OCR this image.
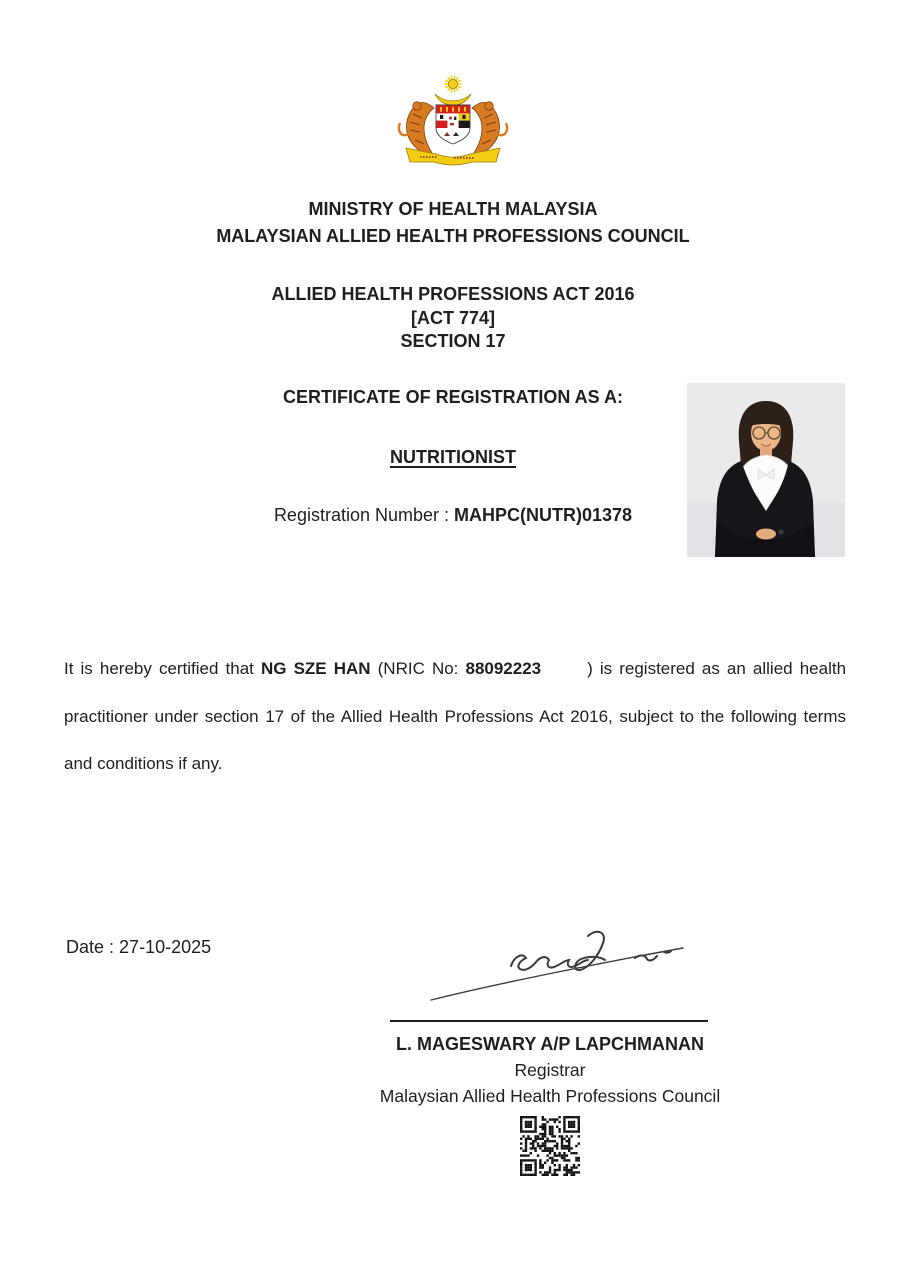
MINISTRY OF HEALTH MALAYSIA
MALAYSIAN ALLIED HEALTH PROFESSIONS COUNCIL
ALLIED HEALTH PROFESSIONS ACT 2016
[ACT 774]
SECTION 17
CERTIFICATE OF REGISTRATION AS A:
NUTRITIONIST
Registration Number : MAHPC(NUTR)01378

It is hereby certified that NG SZE HAN (NRIC No: 88092223	) is registered as an allied health practitioner under section 17 of the Allied Health Professions Act 2016, subject to the following terms and conditions if any.

Date : 27-10-2025
L. MAGESWARY A/P LAPCHMANAN
Registrar
Malaysian Allied Health Professions Council
